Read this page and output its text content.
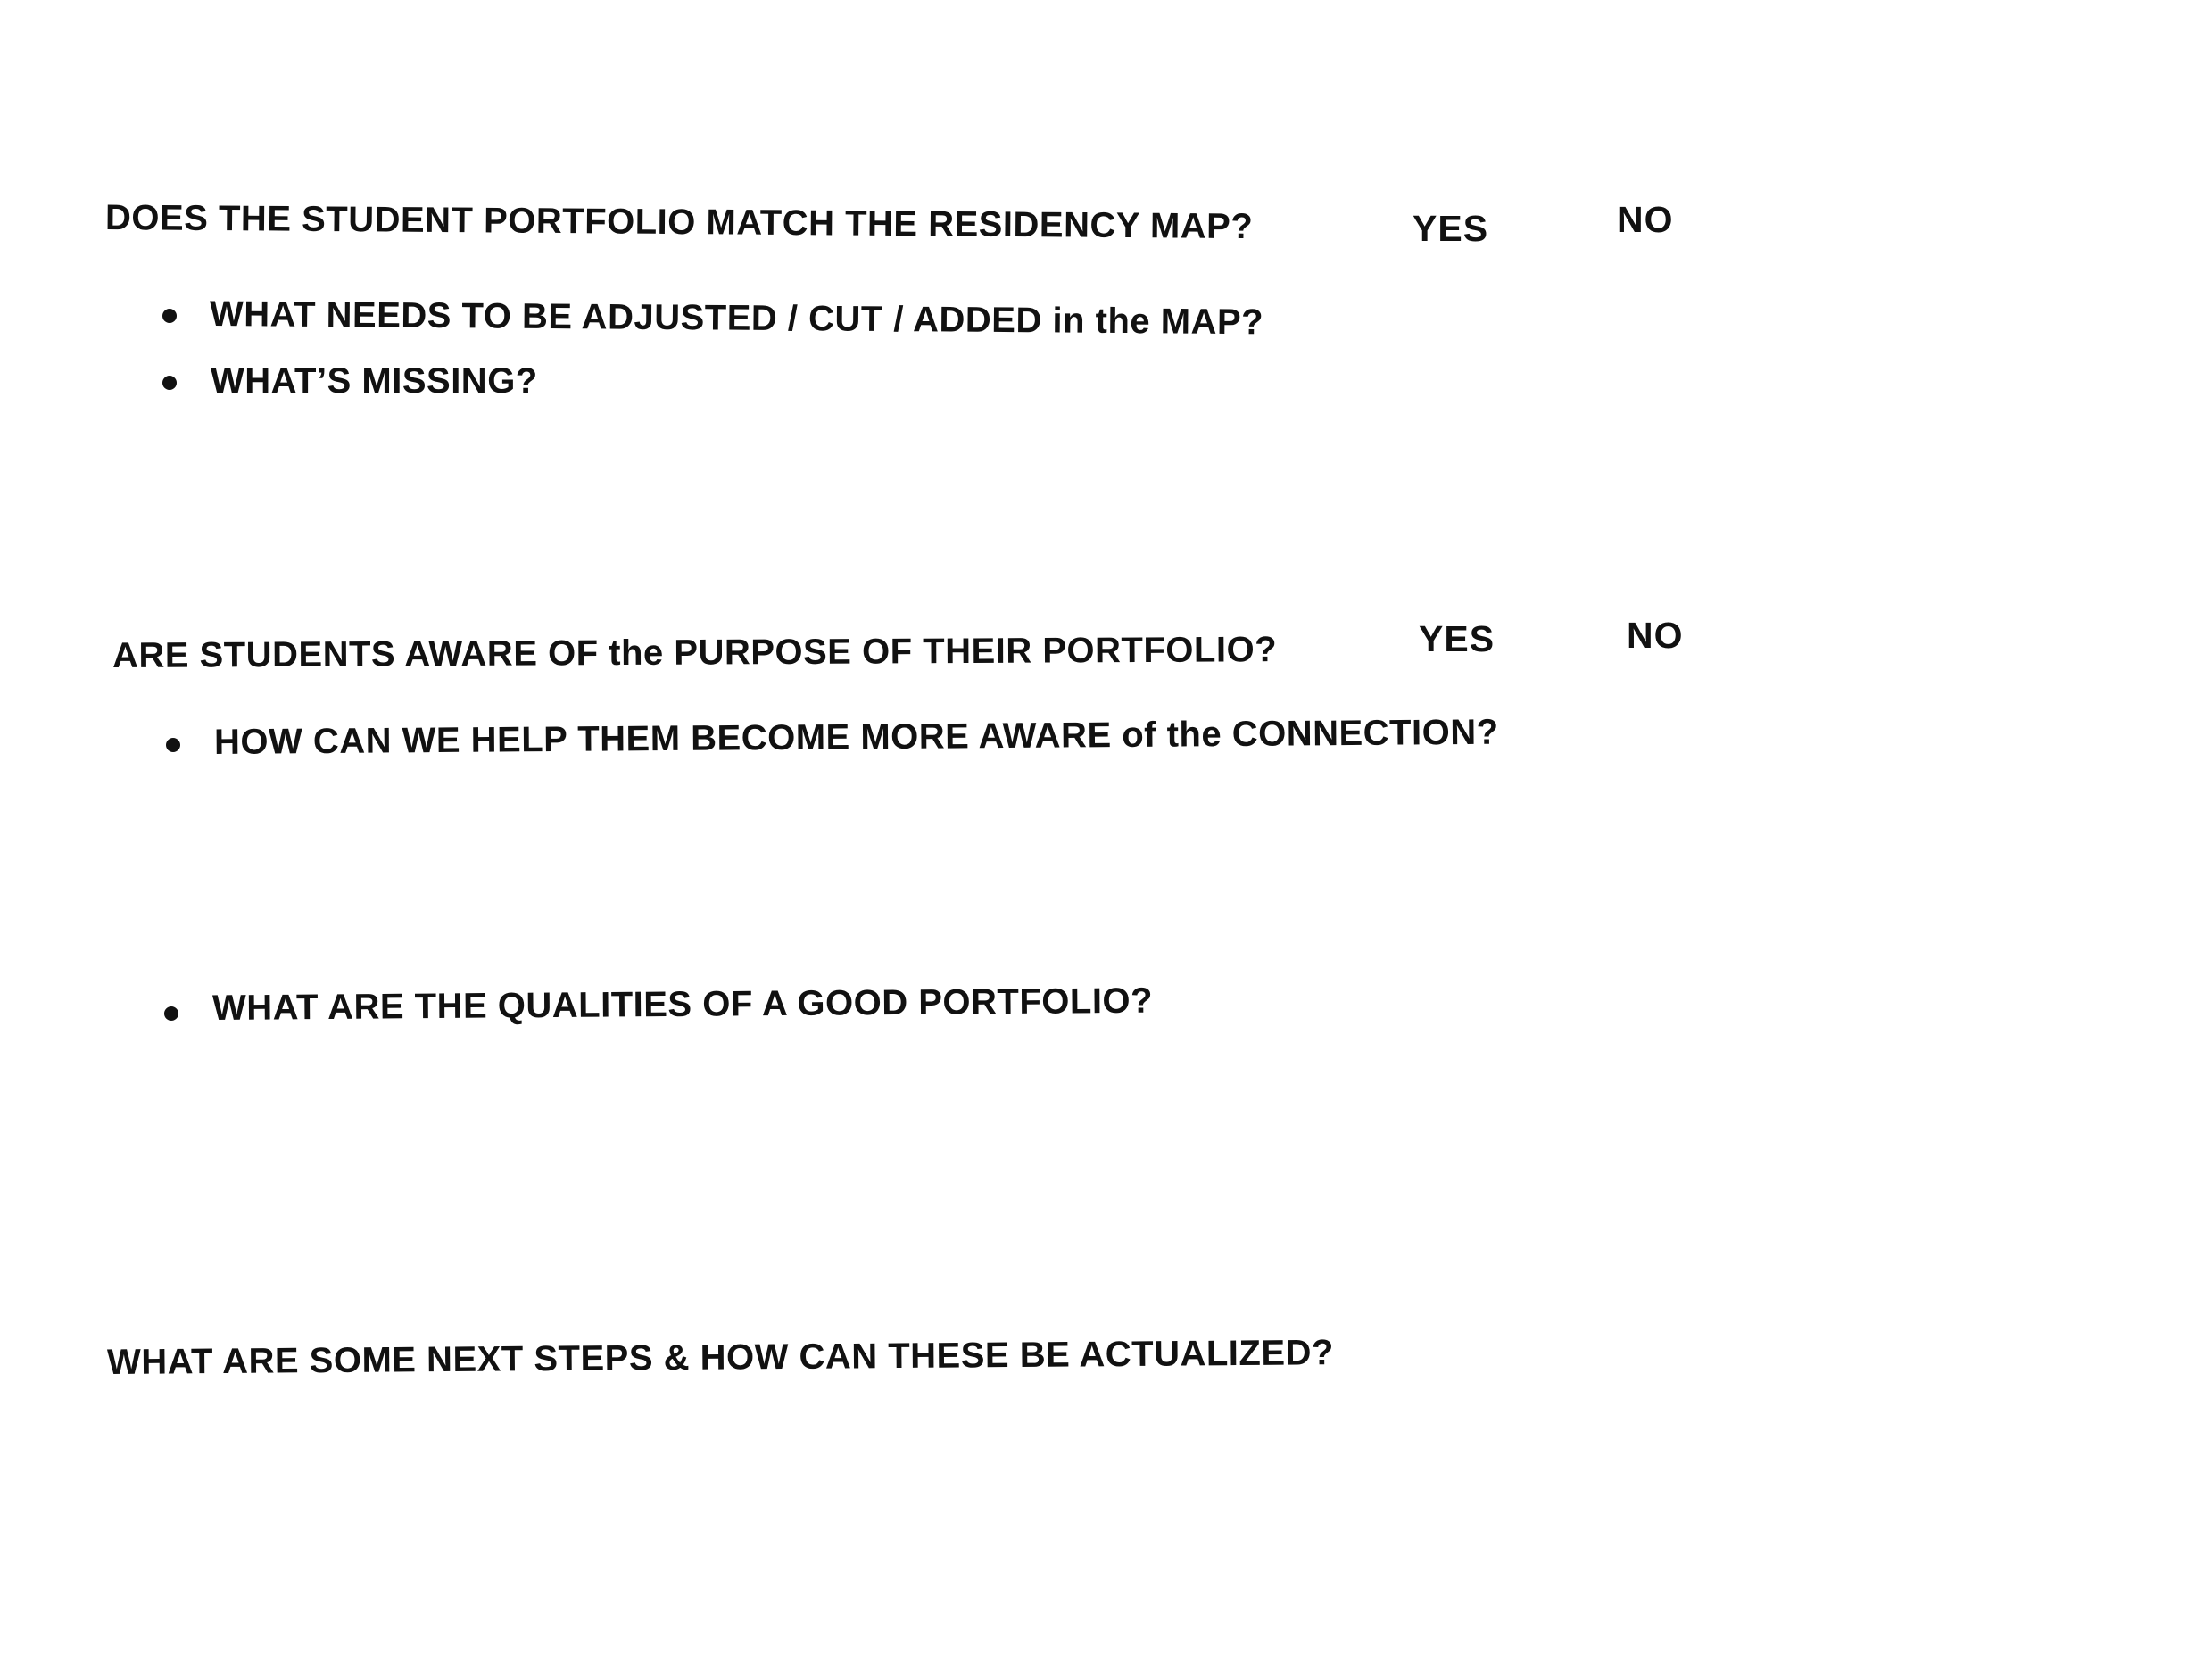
DOES THE STUDENT PORTFOLIO MATCH THE RESIDENCY MAP?	YES	NO
WHAT NEEDS TO BE ADJUSTED / CUT / ADDED in the MAP?
WHAT’S MISSING?
ARE STUDENTS AWARE OF the PURPOSE OF THEIR PORTFOLIO?	YES	NO
HOW CAN WE HELP THEM BECOME MORE AWARE of the CONNECTION?
WHAT ARE THE QUALITIES OF A GOOD PORTFOLIO?
WHAT ARE SOME NEXT STEPS & HOW CAN THESE BE ACTUALIZED?
